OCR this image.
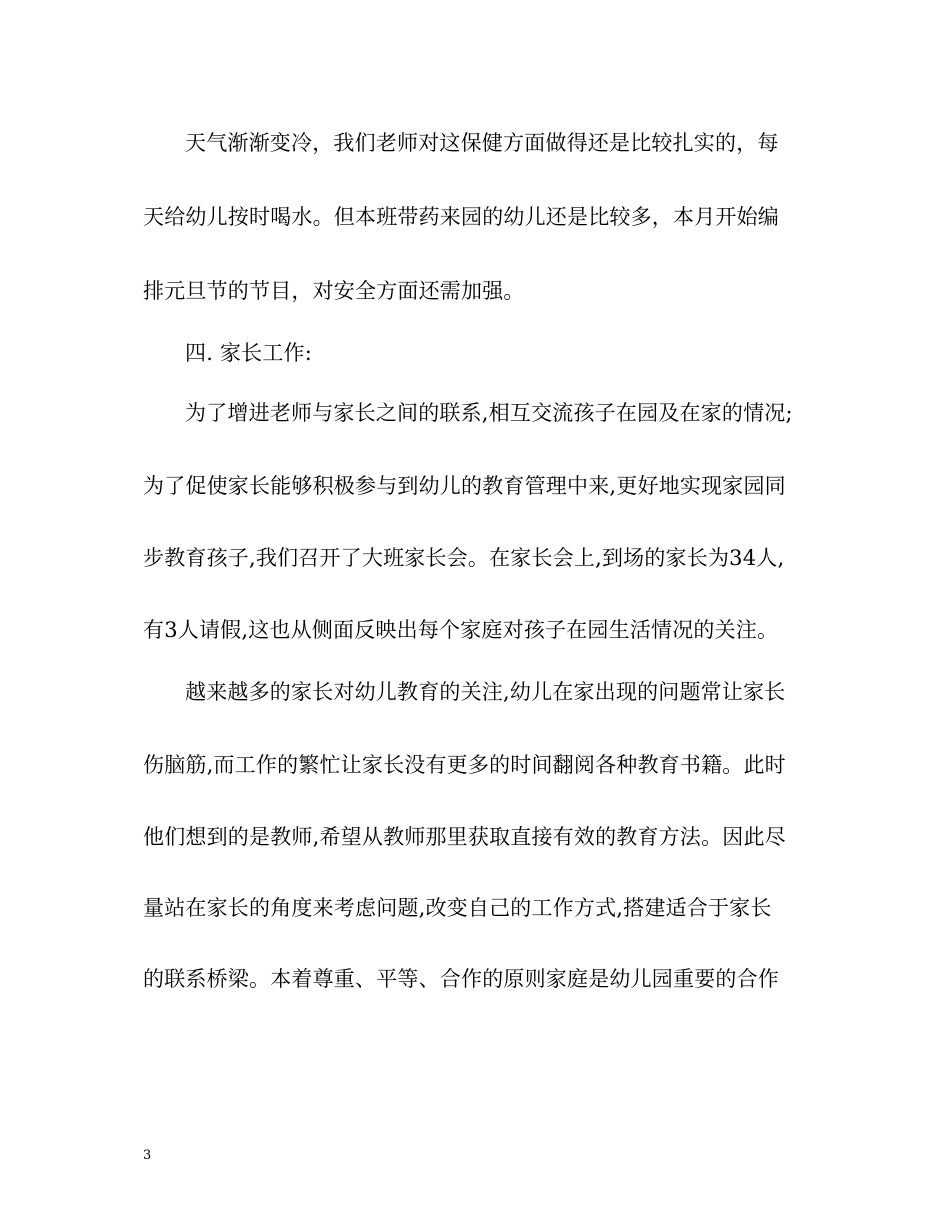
天气渐渐变冷，我们老师对这保健方面做得还是比较扎实的，每
天给幼儿按时喝水。但本班带药来园的幼儿还是比较多，本月开始编
排元旦节的节目，对安全方面还需加强。
四. 家长工作:
为了增进老师与家长之间的联系,相互交流孩子在园及在家的情况;
为了促使家长能够积极参与到幼儿的教育管理中来,更好地实现家园同
步教育孩子,我们召开了大班家长会。在家长会上,到场的家长为34人,
有3人请假,这也从侧面反映出每个家庭对孩子在园生活情况的关注。
越来越多的家长对幼儿教育的关注,幼儿在家出现的问题常让家长
伤脑筋,而工作的繁忙让家长没有更多的时间翻阅各种教育书籍。此时
他们想到的是教师,希望从教师那里获取直接有效的教育方法。因此尽
量站在家长的角度来考虑问题,改变自己的工作方式,搭建适合于家长
的联系桥梁。本着尊重、平等、合作的原则家庭是幼儿园重要的合作
3
